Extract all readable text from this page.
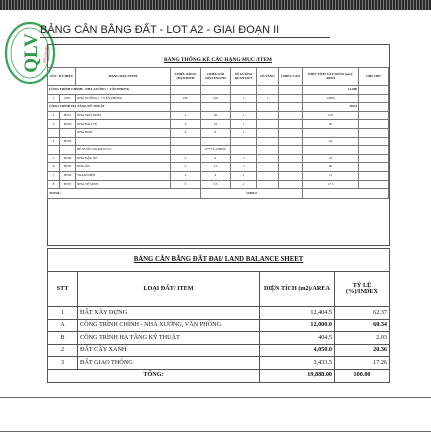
QLV ĐÃ DUYỆT
BẢNG CÂN BẰNG ĐẤT - LOT A2 - GIAI ĐOẠN II
BẢNG THỐNG KÊ CÁC HẠNG MỤC /ITEM
STT / KÝ HIỆU		HẠNG MỤC/ITEM	CHIỀU RỘNG (M)/WIDTH	CHIỀU DÀI (M)/LENGTH	SỐ LƯỢNG QUANTITY	SỐ TẦNG	CHIỀU CAO	DIỆN TÍCH XÂY DỰNG (m2)/ AREA	GHI CHÚ
CÔNG TRÌNH CHÍNH - NHÀ XƯỞNG + VĂN PHÒNG								12.000	
1	NX1	NHÀ XƯỞNG 1 + VĂN PHÒNG	100	120	1	1		12000	
CÔNG TRÌNH HẠ TẦNG KỸ THUẬT								404.5	
2	HT01	NHÀ MÁY BƠM	5	26	1			130	
3	HT02	NHÀ BẢO VỆ	4	10	1			40	
		NHÀ BƠM	4	6	1				
4	HT03							24	
		BỂ NƯỚC NGẦM PCCC		6*7*3=126000					
5	HT04	NHÀ ĐẬU XE	5	9	1			45	
6	HT05	NHÀ ĂN	5	12	1			60	
7	HT06	TRẠM ĐIỆN	3	4	1			12	
8	HT07	NHÀ VỆ SINH	5	3.5	1			17.5	
TOTAL:				12404.5					
BẢNG CÂN BẰNG ĐẤT ĐAI/ LAND BALANCE SHEET			
STT	LOẠI ĐẤT/ ITEM	DIỆN TÍCH (m2)/AREA	TỶ LỆ (%)/INDEX
1	ĐẤT XÂY DỰNG	12,404.5	62.37
A	CÔNG TRÌNH CHÍNH - NHÀ XƯỞNG, VĂN PHÒNG	12,000.0	60.34
B	CÔNG TRÌNH HẠ TẦNG KỸ THUẬT	404.5	2.03
2	ĐẤT CÂY XANH	4,050.0	20.36
3	ĐẤT GIAO THÔNG	3,433.5	17.26
TỔNG:		19,888.00	100.00
